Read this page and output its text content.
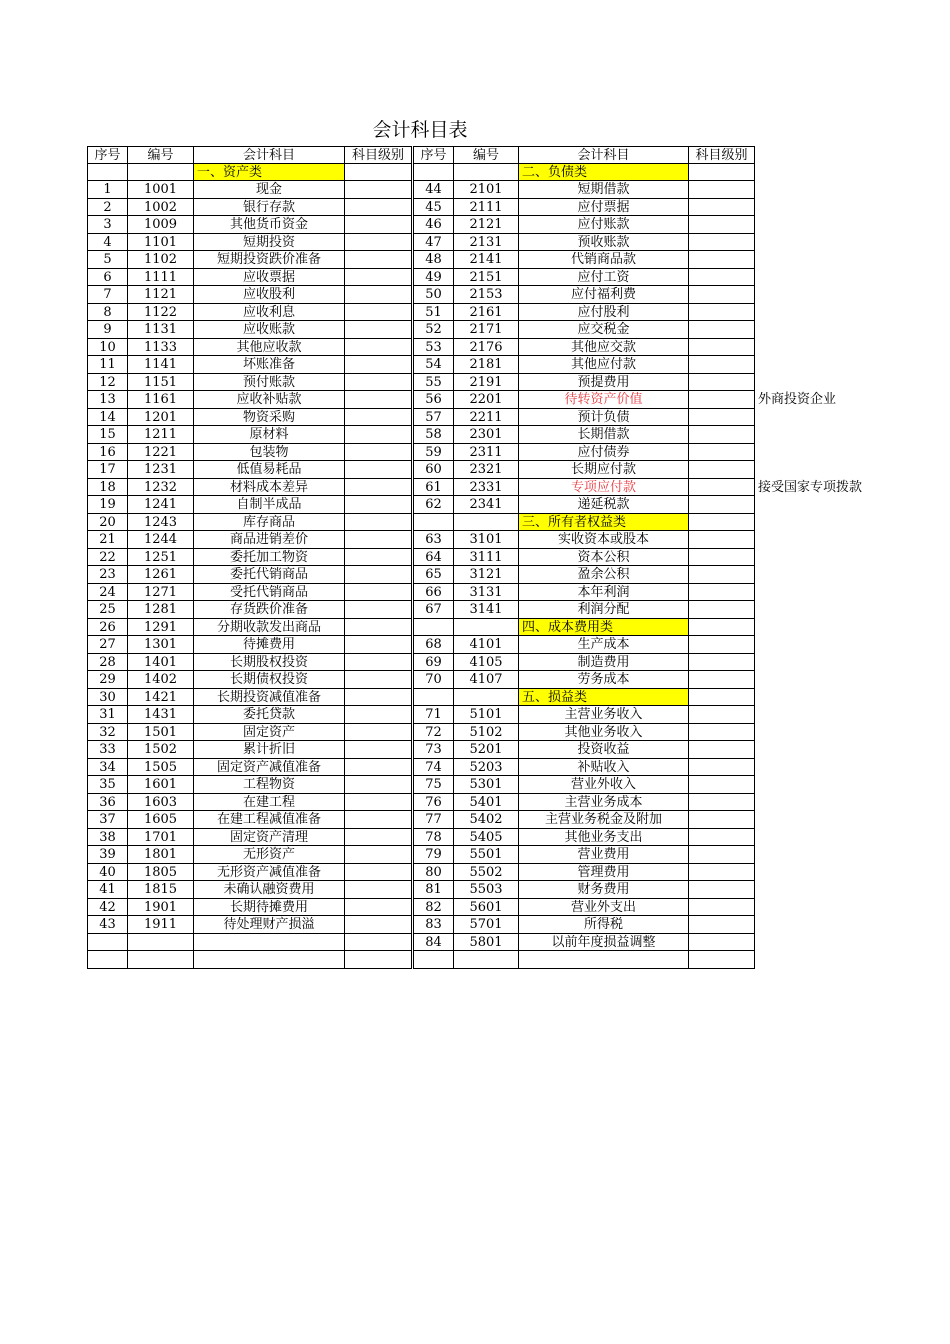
会计科目表
序号	编号	会计科目	科目级别
一、资产类
1	1001	现金
2	1002	银行存款
3	1009	其他货币资金
4	1101	短期投资
5	1102	短期投资跌价准备
6	1111	应收票据
7	1121	应收股利
8	1122	应收利息
9	1131	应收账款
10	1133	其他应收款
11	1141	坏账准备
12	1151	预付账款
13	1161	应收补贴款
14	1201	物资采购
15	1211	原材料
16	1221	包装物
17	1231	低值易耗品
18	1232	材料成本差异
19	1241	自制半成品
20	1243	库存商品
21	1244	商品进销差价
22	1251	委托加工物资
23	1261	委托代销商品
24	1271	受托代销商品
25	1281	存货跌价准备
26	1291	分期收款发出商品
27	1301	待摊费用
28	1401	长期股权投资
29	1402	长期债权投资
30	1421	长期投资减值准备
31	1431	委托贷款
32	1501	固定资产
33	1502	累计折旧
34	1505	固定资产减值准备
35	1601	工程物资
36	1603	在建工程
37	1605	在建工程减值准备
38	1701	固定资产清理
39	1801	无形资产
40	1805	无形资产减值准备
41	1815	未确认融资费用
42	1901	长期待摊费用
43	1911	待处理财产损溢
序号	编号	会计科目	科目级别
二、负债类
44	2101	短期借款
45	2111	应付票据
46	2121	应付账款
47	2131	预收账款
48	2141	代销商品款
49	2151	应付工资
50	2153	应付福利费
51	2161	应付股利
52	2171	应交税金
53	2176	其他应交款
54	2181	其他应付款
55	2191	预提费用
56	2201	待转资产价值
57	2211	预计负债
58	2301	长期借款
59	2311	应付债券
60	2321	长期应付款
61	2331	专项应付款
62	2341	递延税款
三、所有者权益类
63	3101	实收资本或股本
64	3111	资本公积
65	3121	盈余公积
66	3131	本年利润
67	3141	利润分配
四、成本费用类
68	4101	生产成本
69	4105	制造费用
70	4107	劳务成本
五、损益类
71	5101	主营业务收入
72	5102	其他业务收入
73	5201	投资收益
74	5203	补贴收入
75	5301	营业外收入
76	5401	主营业务成本
77	5402	主营业务税金及附加
78	5405	其他业务支出
79	5501	营业费用
80	5502	管理费用
81	5503	财务费用
82	5601	营业外支出
83	5701	所得税
84	5801	以前年度损益调整
外商投资企业
接受国家专项拨款
